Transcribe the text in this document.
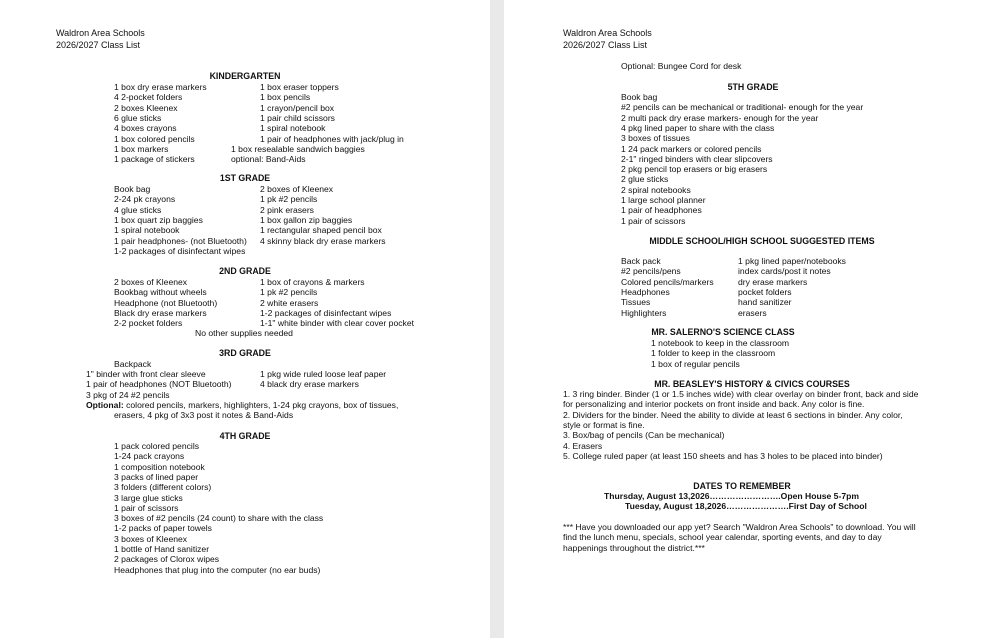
Waldron Area Schools
2026/2027 Class List
KINDERGARTEN
1 box dry erase markers
4 2-pocket folders
2 boxes Kleenex
6 glue sticks
4 boxes crayons
1 box colored pencils
1 box markers
1 package of stickers
1 box eraser toppers
1 box pencils
1 crayon/pencil box
1 pair child scissors
1 spiral notebook
1 pair of headphones with jack/plug in
1 box resealable sandwich baggies
optional: Band-Aids
1ST GRADE
Book bag
2-24 pk crayons
4 glue sticks
1 box quart zip baggies
1 spiral notebook
1 pair headphones- (not Bluetooth)
1-2 packages of disinfectant wipes
2 boxes of Kleenex
1 pk #2 pencils
2 pink erasers
1 box gallon zip baggies
1 rectangular shaped pencil box
4 skinny black dry erase markers
2ND GRADE
2 boxes of Kleenex
Bookbag without wheels
Headphone (not Bluetooth)
Black dry erase markers
2-2 pocket folders
1 box of crayons & markers
1 pk #2 pencils
2 white erasers
1-2 packages of disinfectant wipes
1-1" white binder with clear cover pocket
No other supplies needed
3RD GRADE
Backpack
1" binder with front clear sleeve	1 pkg wide ruled loose leaf paper
1 pair of headphones (NOT Bluetooth)	4 black dry erase markers
3 pkg of 24 #2 pencils
Optional: colored pencils, markers, highlighters, 1-24 pkg crayons, box of tissues,
erasers, 4 pkg of 3x3 post it notes & Band-Aids
4TH GRADE
1 pack colored pencils
1-24 pack crayons
1 composition notebook
3 packs of lined paper
3 folders (different colors)
3 large glue sticks
1 pair of scissors
3 boxes of #2 pencils (24 count) to share with the class
1-2 packs of paper towels
3 boxes of Kleenex
1 bottle of Hand sanitizer
2 packages of Clorox wipes
Headphones that plug into the computer (no ear buds)
Waldron Area Schools
2026/2027 Class List
Optional: Bungee Cord for desk
5TH GRADE
Book bag
#2 pencils can be mechanical or traditional- enough for the year
2 multi pack dry erase markers- enough for the year
4 pkg lined paper to share with the class
3 boxes of tissues
1 24 pack markers or colored pencils
2-1" ringed binders with clear slipcovers
2 pkg pencil top erasers or big erasers
2 glue sticks
2 spiral notebooks
1 large school planner
1 pair of headphones
1 pair of scissors
MIDDLE SCHOOL/HIGH SCHOOL SUGGESTED ITEMS
Back pack
#2 pencils/pens
Colored pencils/markers
Headphones
Tissues
Highlighters
1 pkg lined paper/notebooks
index cards/post it notes
dry erase markers
pocket folders
hand sanitizer
erasers
MR. SALERNO'S SCIENCE CLASS
1 notebook to keep in the classroom
1 folder to keep in the classroom
1 box of regular pencils
MR. BEASLEY'S HISTORY & CIVICS COURSES
1. 3 ring binder. Binder (1 or 1.5 inches wide) with clear overlay on binder front, back and side
for personalizing and interior pockets on front inside and back. Any color is fine.
2. Dividers for the binder. Need the ability to divide at least 6 sections in binder. Any color,
style or format is fine.
3. Box/bag of pencils (Can be mechanical)
4. Erasers
5. College ruled paper (at least 150 sheets and has 3 holes to be placed into binder)
DATES TO REMEMBER
Thursday, August 13,2026…………………….Open House 5-7pm
Tuesday, August 18,2026………………….First Day of School
*** Have you downloaded our app yet? Search "Waldron Area Schools" to download. You will
find the lunch menu, specials, school year calendar, sporting events, and day to day
happenings throughout the district.***
